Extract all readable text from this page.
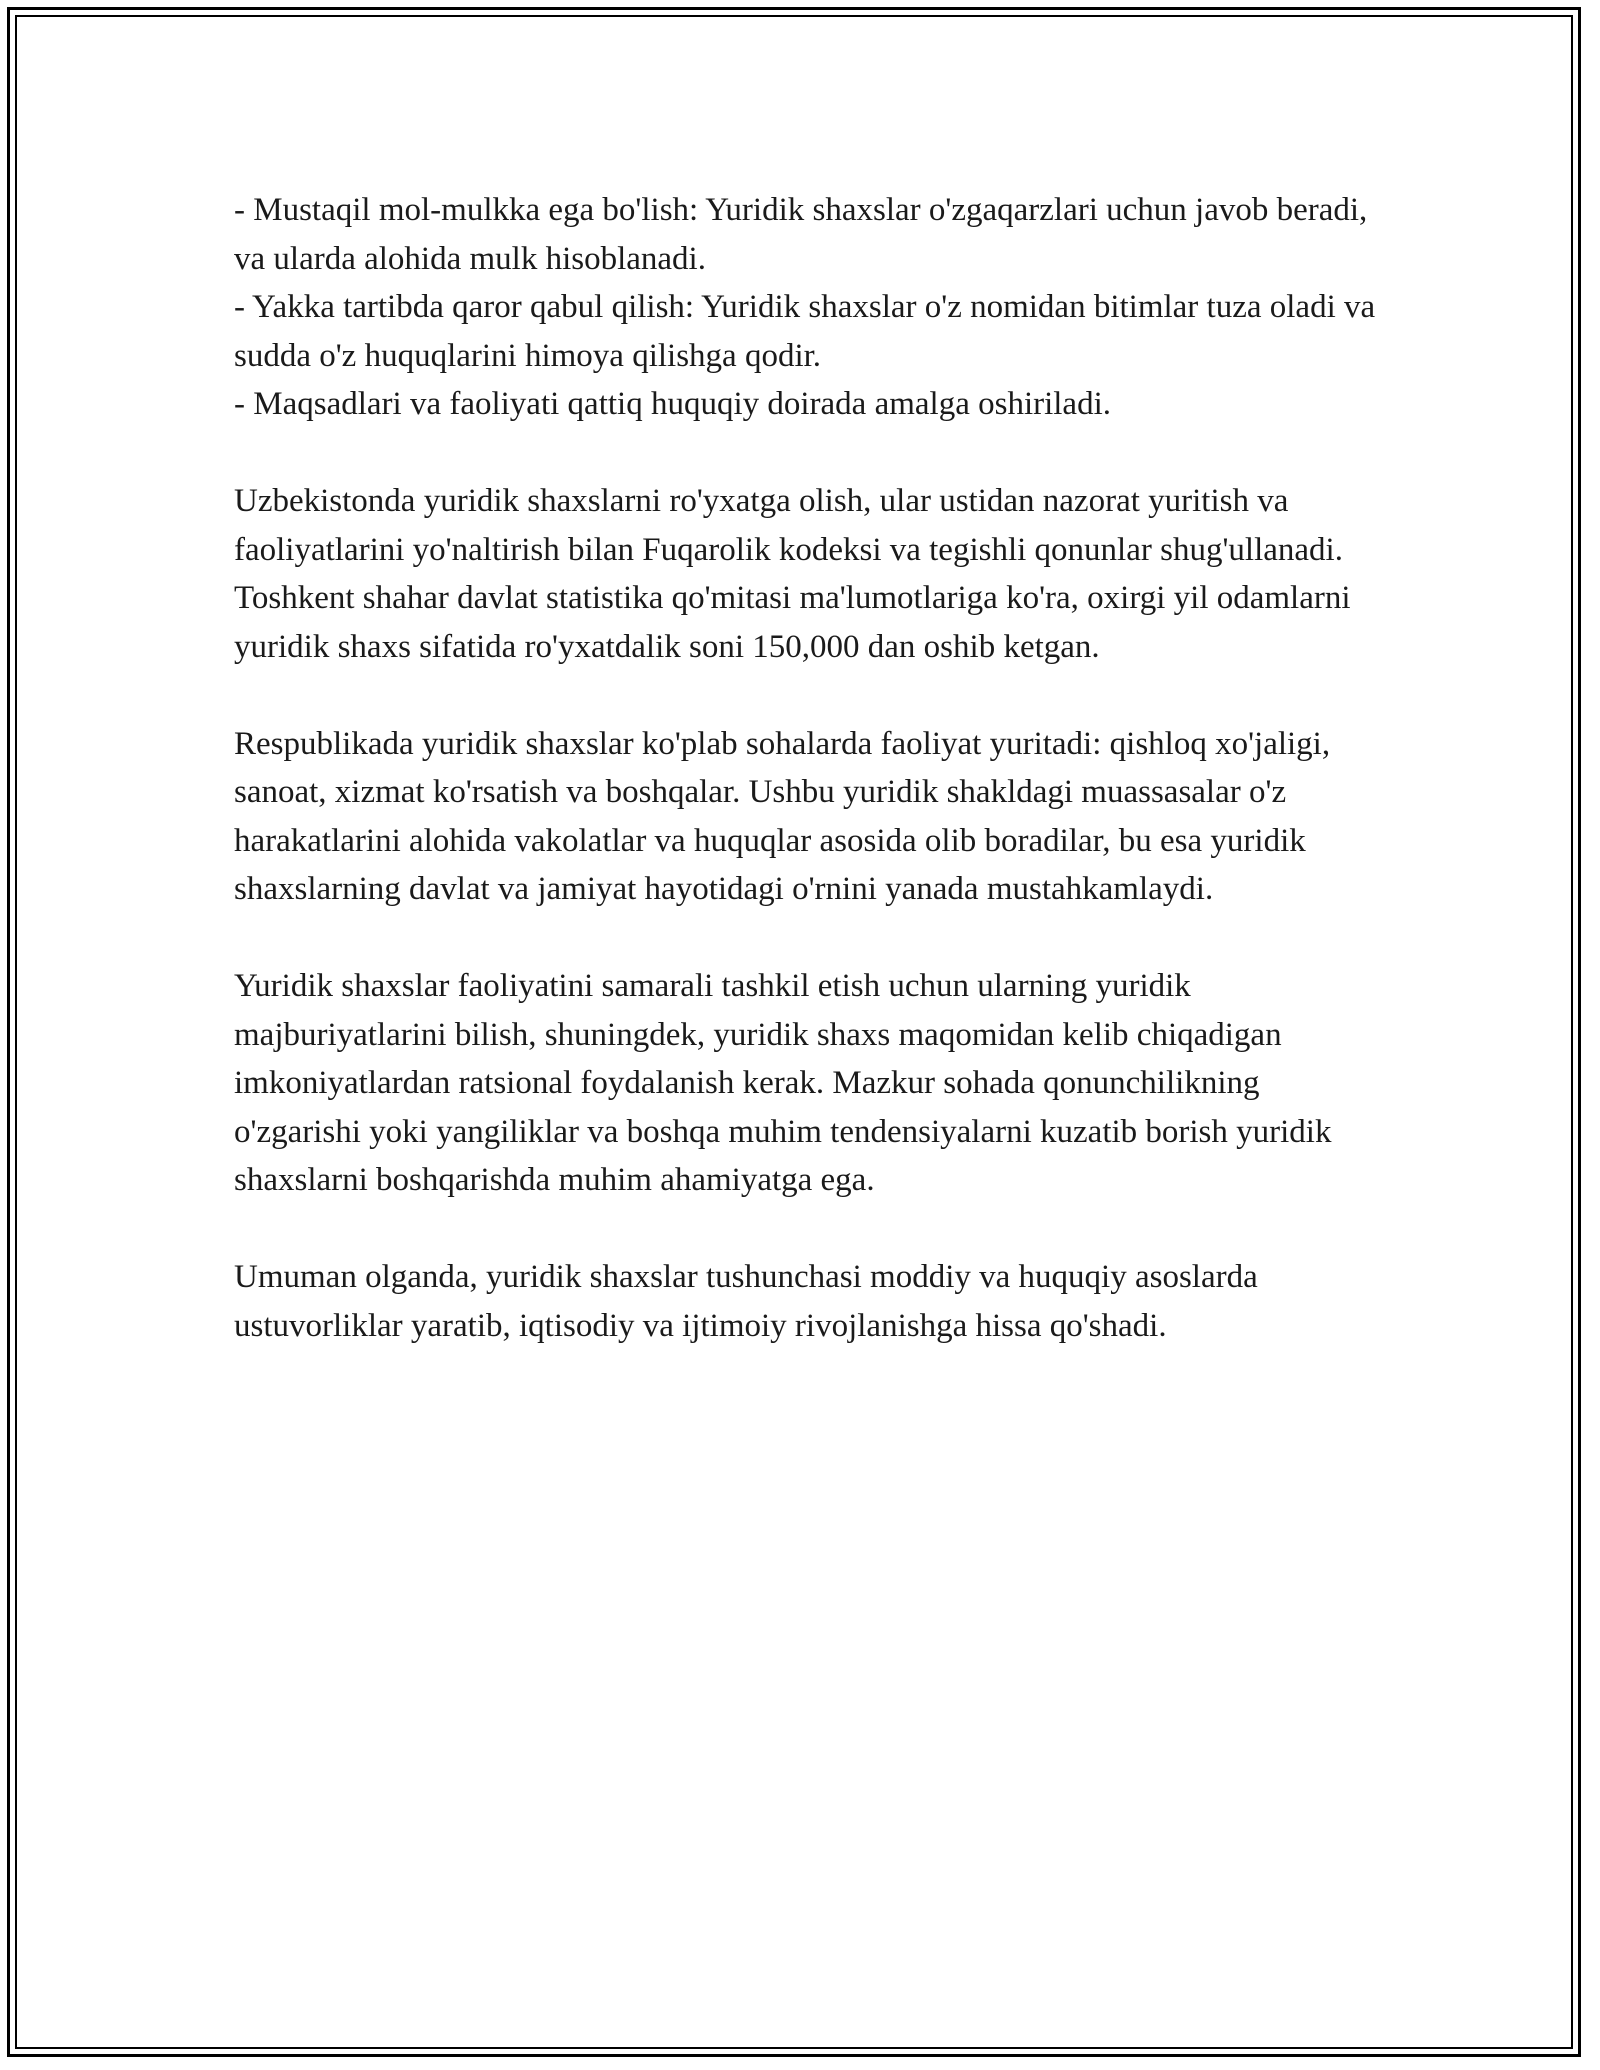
- Mustaqil mol-mulkka ega bo'lish: Yuridik shaxslar o'zgaqarzlari uchun javob beradi, va ularda alohida mulk hisoblanadi.

- Yakka tartibda qaror qabul qilish: Yuridik shaxslar o'z nomidan bitimlar tuza oladi va sudda o'z huquqlarini himoya qilishga qodir.

- Maqsadlari va faoliyati qattiq huquqiy doirada amalga oshiriladi.

Uzbekistonda yuridik shaxslarni ro'yxatga olish, ular ustidan nazorat yuritish va faoliyatlarini yo'naltirish bilan Fuqarolik kodeksi va tegishli qonunlar shug'ullanadi. Toshkent shahar davlat statistika qo'mitasi ma'lumotlariga ko'ra, oxirgi yil odamlarni yuridik shaxs sifatida ro'yxatdalik soni 150,000 dan oshib ketgan.

Respublikada yuridik shaxslar ko'plab sohalarda faoliyat yuritadi: qishloq xo'jaligi, sanoat, xizmat ko'rsatish va boshqalar. Ushbu yuridik shakldagi muassasalar o'z harakatlarini alohida vakolatlar va huquqlar asosida olib boradilar, bu esa yuridik shaxslarning davlat va jamiyat hayotidagi o'rnini yanada mustahkamlaydi.

Yuridik shaxslar faoliyatini samarali tashkil etish uchun ularning yuridik majburiyatlarini bilish, shuningdek, yuridik shaxs maqomidan kelib chiqadigan imkoniyatlardan ratsional foydalanish kerak. Mazkur sohada qonunchilikning o'zgarishi yoki yangiliklar va boshqa muhim tendensiyalarni kuzatib borish yuridik shaxslarni boshqarishda muhim ahamiyatga ega.

Umuman olganda, yuridik shaxslar tushunchasi moddiy va huquqiy asoslarda ustuvorliklar yaratib, iqtisodiy va ijtimoiy rivojlanishga hissa qo'shadi.
